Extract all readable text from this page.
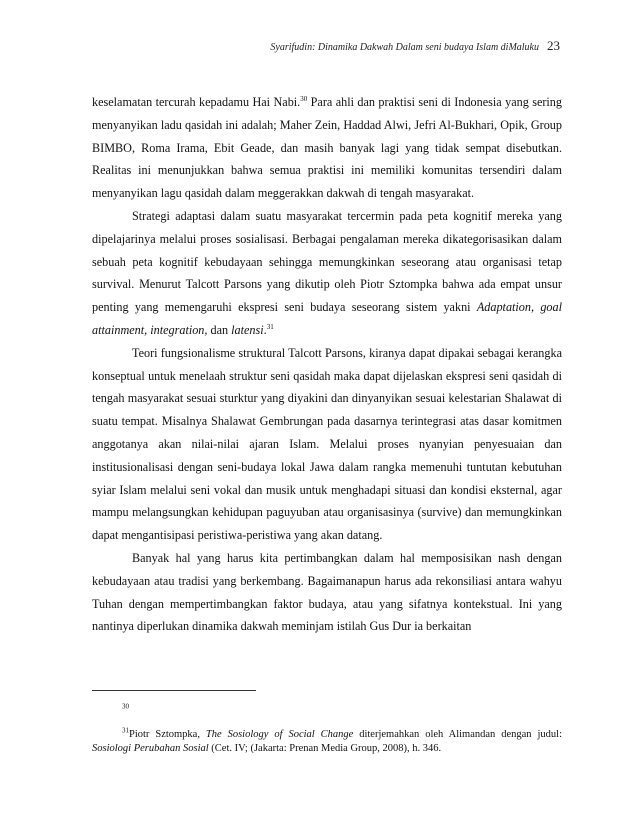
Syarifudin: Dinamika Dakwah Dalam seni budaya Islam diMaluku 23

keselamatan tercurah kepadamu Hai Nabi.$^{30}$ Para ahli dan praktisi seni di Indonesia yang sering menyanyikan ladu qasidah ini adalah; Maher Zein, Haddad Alwi, Jefri Al-Bukhari, Opik, Group BIMBO, Roma Irama, Ebit Geade, dan masih banyak lagi yang tidak sempat disebutkan. Realitas ini menunjukkan bahwa semua praktisi ini memiliki komunitas tersendiri dalam menyanyikan lagu qasidah dalam meggerakkan dakwah di tengah masyarakat.

Strategi adaptasi dalam suatu masyarakat tercermin pada peta kognitif mereka yang dipelajarinya melalui proses sosialisasi. Berbagai pengalaman mereka dikategorisasikan dalam sebuah peta kognitif kebudayaan sehingga memungkinkan seseorang atau organisasi tetap survival. Menurut Talcott Parsons yang dikutip oleh Piotr Sztompka bahwa ada empat unsur penting yang memengaruhi ekspresi seni budaya seseorang sistem yakni Adaptation, goal attainment, integration, dan latensi.$^{31}$

Teori fungsionalisme struktural Talcott Parsons, kiranya dapat dipakai sebagai kerangka konseptual untuk menelaah struktur seni qasidah maka dapat dijelaskan ekspresi seni qasidah di tengah masyarakat sesuai sturktur yang diyakini dan dinyanyikan sesuai kelestarian Shalawat di suatu tempat. Misalnya Shalawat Gembrungan pada dasarnya terintegrasi atas dasar komitmen anggotanya akan nilai-nilai ajaran Islam. Melalui proses nyanyian penyesuaian dan institusionalisasi dengan seni-budaya lokal Jawa dalam rangka memenuhi tuntutan kebutuhan syiar Islam melalui seni vokal dan musik untuk menghadapi situasi dan kondisi eksternal, agar mampu melangsungkan kehidupan paguyuban atau organisasinya (survive) dan memungkinkan dapat mengantisipasi peristiwa-peristiwa yang akan datang.

Banyak hal yang harus kita pertimbangkan dalam hal memposisikan nash dengan kebudayaan atau tradisi yang berkembang. Bagaimanapun harus ada rekonsiliasi antara wahyu Tuhan dengan mempertimbangkan faktor budaya, atau yang sifatnya kontekstual. Ini yang nantinya diperlukan dinamika dakwah meminjam istilah Gus Dur ia berkaitan

$^{30}$

$^{31}$Piotr Sztompka, The Sosiology of Social Change diterjemahkan oleh Alimandan dengan judul: Sosiologi Perubahan Sosial (Cet. IV; (Jakarta: Prenan Media Group, 2008), h. 346.
